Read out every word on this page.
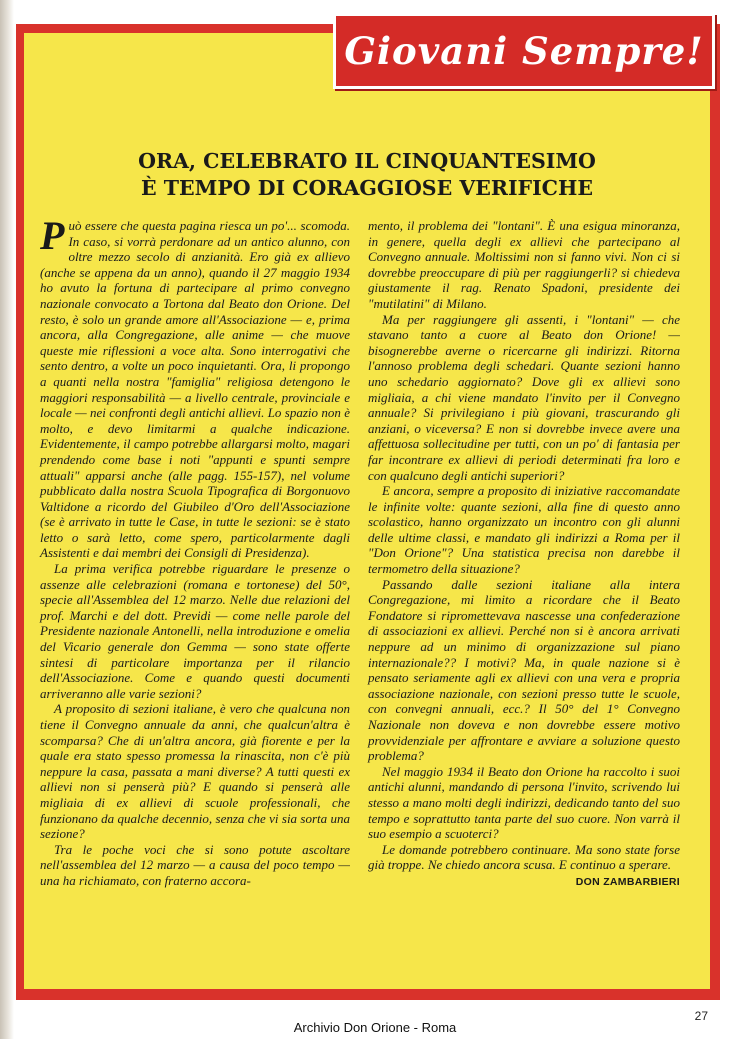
Giovani Sempre!
ORA, CELEBRATO IL CINQUANTESIMO
È TEMPO DI CORAGGIOSE VERIFICHE

Può essere che questa pagina riesca un po'... scomoda. In caso, si vorrà perdonare ad un antico alunno, con oltre mezzo secolo di anzianità. Ero già ex allievo (anche se appena da un anno), quando il 27 maggio 1934 ho avuto la fortuna di partecipare al primo convegno nazionale convocato a Tortona dal Beato don Orione. Del resto, è solo un grande amore all'Associazione — e, prima ancora, alla Congregazione, alle anime — che muove queste mie riflessioni a voce alta. Sono interrogativi che sento dentro, a volte un poco inquietanti. Ora, li propongo a quanti nella nostra "famiglia" religiosa detengono le maggiori responsabilità — a livello centrale, provinciale e locale — nei confronti degli antichi allievi. Lo spazio non è molto, e devo limitarmi a qualche indicazione. Evidentemente, il campo potrebbe allargarsi molto, magari prendendo come base i noti "appunti e spunti sempre attuali" apparsi anche (alle pagg. 155-157), nel volume pubblicato dalla nostra Scuola Tipografica di Borgonuovo Valtidone a ricordo del Giubileo d'Oro dell'Associazione (se è arrivato in tutte le Case, in tutte le sezioni: se è stato letto o sarà letto, come spero, particolarmente dagli Assistenti e dai membri dei Consigli di Presidenza).

La prima verifica potrebbe riguardare le presenze o assenze alle celebrazioni (romana e tortonese) del 50°, specie all'Assemblea del 12 marzo. Nelle due relazioni del prof. Marchi e del dott. Previdi — come nelle parole del Presidente nazionale Antonelli, nella introduzione e omelia del Vicario generale don Gemma — sono state offerte sintesi di particolare importanza per il rilancio dell'Associazione. Come e quando questi documenti arriveranno alle varie sezioni?

A proposito di sezioni italiane, è vero che qualcuna non tiene il Convegno annuale da anni, che qualcun'altra è scomparsa? Che di un'altra ancora, già fiorente e per la quale era stato spesso promessa la rinascita, non c'è più neppure la casa, passata a mani diverse? A tutti questi ex allievi non si penserà più? E quando si penserà alle migliaia di ex allievi di scuole professionali, che funzionano da qualche decennio, senza che vi sia sorta una sezione?

Tra le poche voci che si sono potute ascoltare nell'assemblea del 12 marzo — a causa del poco tempo — una ha richiamato, con fraterno accora-

mento, il problema dei "lontani". È una esigua minoranza, in genere, quella degli ex allievi che partecipano al Convegno annuale. Moltissimi non si fanno vivi. Non ci si dovrebbe preoccupare di più per raggiungerli? si chiedeva giustamente il rag. Renato Spadoni, presidente dei "mutilatini" di Milano.

Ma per raggiungere gli assenti, i "lontani" — che stavano tanto a cuore al Beato don Orione! — bisognerebbe averne o ricercarne gli indirizzi. Ritorna l'annoso problema degli schedari. Quante sezioni hanno uno schedario aggiornato? Dove gli ex allievi sono migliaia, a chi viene mandato l'invito per il Convegno annuale? Si privilegiano i più giovani, trascurando gli anziani, o viceversa? E non si dovrebbe invece avere una affettuosa sollecitudine per tutti, con un po' di fantasia per far incontrare ex allievi di periodi determinati fra loro e con qualcuno degli antichi superiori?

E ancora, sempre a proposito di iniziative raccomandate le infinite volte: quante sezioni, alla fine di questo anno scolastico, hanno organizzato un incontro con gli alunni delle ultime classi, e mandato gli indirizzi a Roma per il "Don Orione"? Una statistica precisa non darebbe il termometro della situazione?

Passando dalle sezioni italiane alla intera Congregazione, mi limito a ricordare che il Beato Fondatore si ripromettevava nascesse una confederazione di associazioni ex allievi. Perché non si è ancora arrivati neppure ad un minimo di organizzazione sul piano internazionale?? I motivi? Ma, in quale nazione si è pensato seriamente agli ex allievi con una vera e propria associazione nazionale, con sezioni presso tutte le scuole, con convegni annuali, ecc.? Il 50° del 1° Convegno Nazionale non doveva e non dovrebbe essere motivo provvidenziale per affrontare e avviare a soluzione questo problema?

Nel maggio 1934 il Beato don Orione ha raccolto i suoi antichi alunni, mandando di persona l'invito, scrivendo lui stesso a mano molti degli indirizzi, dedicando tanto del suo tempo e soprattutto tanta parte del suo cuore. Non varrà il suo esempio a scuoterci?

Le domande potrebbero continuare. Ma sono state forse già troppe. Ne chiedo ancora scusa. E continuo a sperare.
DON ZAMBARBIERI

27
Archivio Don Orione - Roma
